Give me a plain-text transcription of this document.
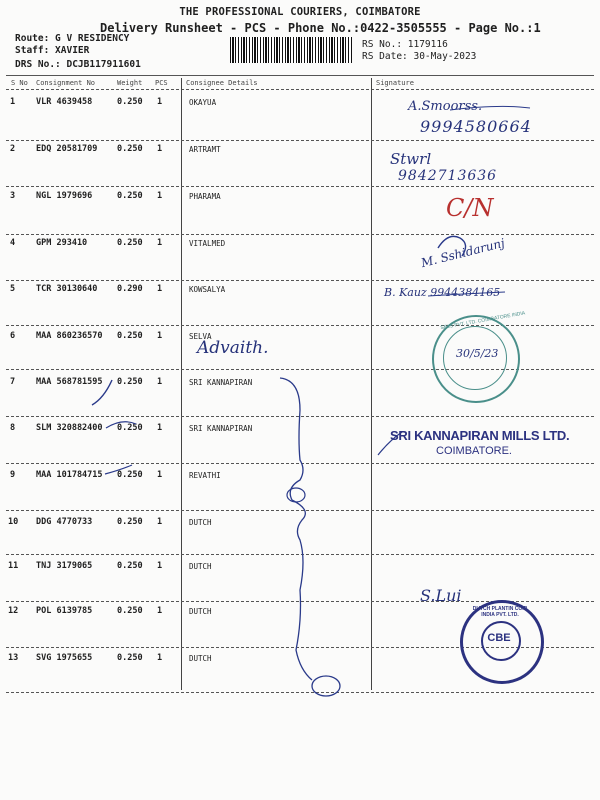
THE PROFESSIONAL COURIERS, COIMBATORE
Delivery Runsheet - PCS - Phone No.:0422-3505555 - Page No.:1
Route: G V RESIDENCY
Staff: XAVIER
DRS No.: DCJB117911601
RS No.: 1179116
RS Date: 30-May-2023
S No Consignment No	Weight PCS	Consignee Details	Signature
1 VLR 4639458	0.250 1	OKAYUA
2 EDQ 20581709 0.250 1	ARTRAMT
3 NGL 1979696	0.250 1	PHARAMA
4 GPM 293410	0.250 1	VITALMED
5 TCR 30130640 0.290 1	KOWSALYA
6 MAA 860236570 0.250 1	SELVA
7 MAA 568781595 0.250 1	SRI KANNAPIRAN
8 SLM 320882400 0.250 1	SRI KANNAPIRAN
9 MAA 101784715 0.250 1	REVATHI
10 DDG 4770733	0.250 1	DUTCH
11 TNJ 3179065	0.250 1	DUTCH
12 POL 6139785	0.250 1	DUTCH
13 SVG 1975655	0.250 1	DUTCH
A.Smoorss.
9994580664
Stwrl
9842713636
C/N
M. Sshidarunj
B. Kauz 9944384165
Advaith.
S.Lui
SELS PVT. LTD. COIMBATORE INDIA
30/5/23
SRI KANNAPIRAN MILLS LTD.
COIMBATORE.
DUTCH PLANTIN COIR INDIA PVT. LTD.
CBE
